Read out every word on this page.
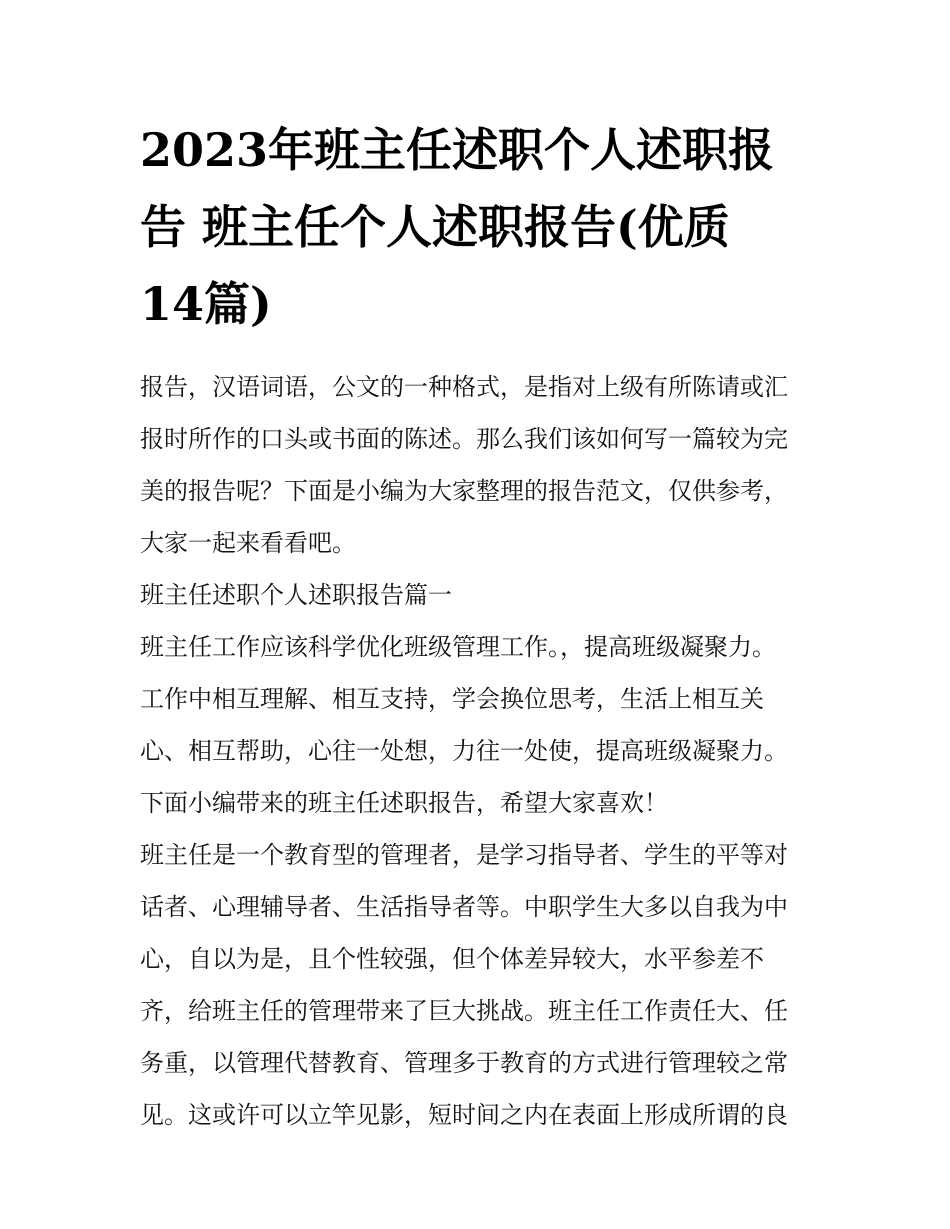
2023年班主任述职个人述职报
告 班主任个人述职报告(优质
14篇)
报告，汉语词语，公文的一种格式，是指对上级有所陈请或汇
报时所作的口头或书面的陈述。那么我们该如何写一篇较为完
美的报告呢？下面是小编为大家整理的报告范文，仅供参考，
大家一起来看看吧。
班主任述职个人述职报告篇一
班主任工作应该科学优化班级管理工作。，提高班级凝聚力。
工作中相互理解、相互支持，学会换位思考，生活上相互关
心、相互帮助，心往一处想，力往一处使，提高班级凝聚力。
下面小编带来的班主任述职报告，希望大家喜欢！
班主任是一个教育型的管理者，是学习指导者、学生的平等对
话者、心理辅导者、生活指导者等。中职学生大多以自我为中
心，自以为是，且个性较强，但个体差异较大，水平参差不
齐，给班主任的管理带来了巨大挑战。班主任工作责任大、任
务重，以管理代替教育、管理多于教育的方式进行管理较之常
见。这或许可以立竿见影，短时间之内在表面上形成所谓的良
